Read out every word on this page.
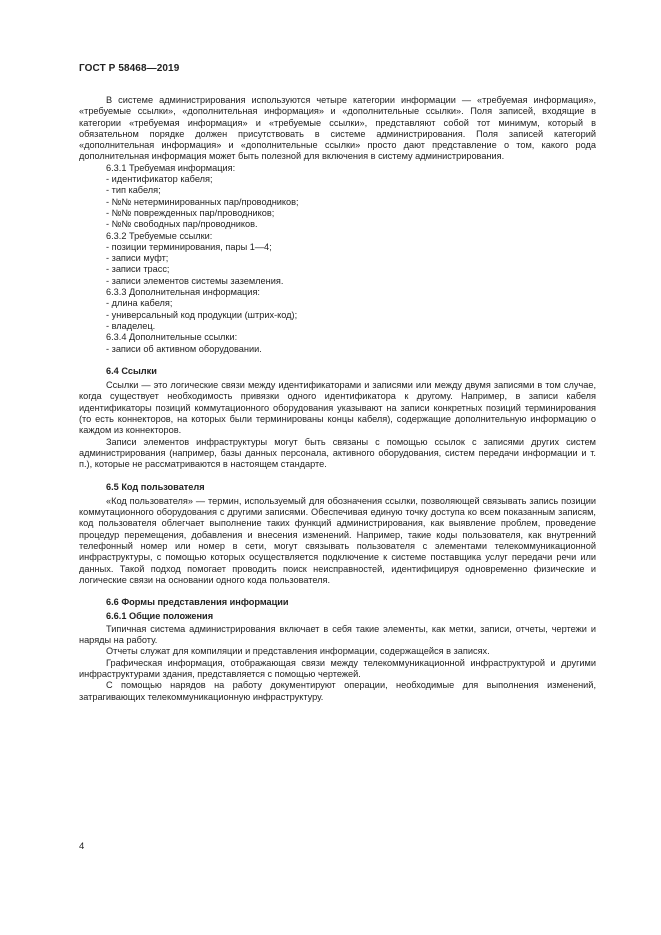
ГОСТ Р 58468—2019

В системе администрирования используются четыре категории информации — «требуемая информация», «требуемые ссылки», «дополнительная информация» и «дополнительные ссылки». Поля записей, входящие в категории «требуемая информация» и «требуемые ссылки», представляют собой тот минимум, который в обязательном порядке должен присутствовать в системе администрирования. Поля записей категорий «дополнительная информация» и «дополнительные ссылки» просто дают представление о том, какого рода дополнительная информация может быть полезной для включения в систему администрирования.

6.3.1 Требуемая информация:

- идентификатор кабеля;

- тип кабеля;

- №№ нетерминированных пар/проводников;

- №№ поврежденных пар/проводников;

- №№ свободных пар/проводников.

6.3.2 Требуемые ссылки:

- позиции терминирования, пары 1—4;

- записи муфт;

- записи трасс;

- записи элементов системы заземления.

6.3.3 Дополнительная информация:

- длина кабеля;

- универсальный код продукции (штрих-код);

- владелец.

6.3.4 Дополнительные ссылки:

- записи об активном оборудовании.

6.4 Ссылки

Ссылки — это логические связи между идентификаторами и записями или между двумя записями в том случае, когда существует необходимость привязки одного идентификатора к другому. Например, в записи кабеля идентификаторы позиций коммутационного оборудования указывают на записи конкретных позиций терминирования (то есть коннекторов, на которых были терминированы концы кабеля), содержащие дополнительную информацию о каждом из коннекторов.

Записи элементов инфраструктуры могут быть связаны с помощью ссылок с записями других систем администрирования (например, базы данных персонала, активного оборудования, систем передачи информации и т. п.), которые не рассматриваются в настоящем стандарте.

6.5 Код пользователя

«Код пользователя» — термин, используемый для обозначения ссылки, позволяющей связывать запись позиции коммутационного оборудования с другими записями. Обеспечивая единую точку доступа ко всем показанным записям, код пользователя облегчает выполнение таких функций администрирования, как выявление проблем, проведение процедур перемещения, добавления и внесения изменений. Например, такие коды пользователя, как внутренний телефонный номер или номер в сети, могут связывать пользователя с элементами телекоммуникационной инфраструктуры, с помощью которых осуществляется подключение к системе поставщика услуг передачи речи или данных. Такой подход помогает проводить поиск неисправностей, идентифицируя одновременно физические и логические связи на основании одного кода пользователя.

6.6 Формы представления информации

6.6.1 Общие положения

Типичная система администрирования включает в себя такие элементы, как метки, записи, отчеты, чертежи и наряды на работу.

Отчеты служат для компиляции и представления информации, содержащейся в записях.

Графическая информация, отображающая связи между телекоммуникационной инфраструктурой и другими инфраструктурами здания, представляется с помощью чертежей.

С помощью нарядов на работу документируют операции, необходимые для выполнения изменений, затрагивающих телекоммуникационную инфраструктуру.

4
